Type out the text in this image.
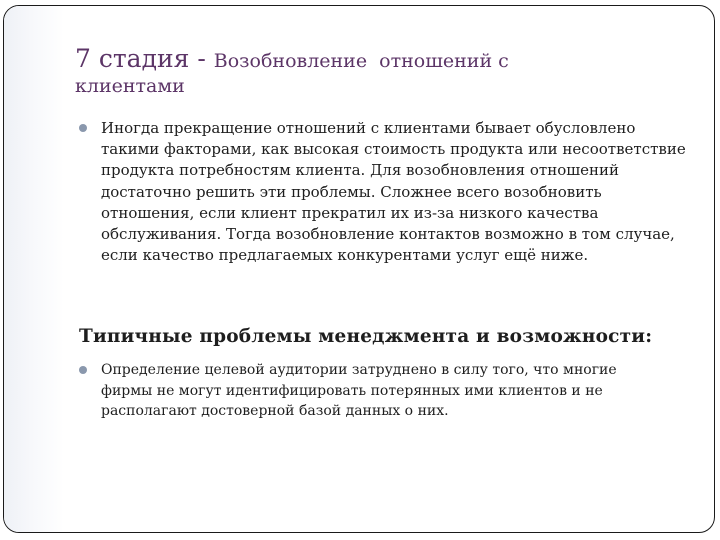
7 стадия - Возобновление  отношений с
клиентами
Иногда прекращение отношений с клиентами бывает обусловлено такими факторами, как высокая стоимость продукта или несоответствие продукта потребностям клиента. Для возобновления отношений достаточно решить эти проблемы. Сложнее всего возобновить отношения, если клиент прекратил их из-за низкого качества обслуживания. Тогда возобновление контактов возможно в том случае, если качество предлагаемых конкурентами услуг ещё ниже.
Типичные проблемы менеджмента и возможности:
Определение целевой аудитории затруднено в силу того, что многие фирмы не могут идентифицировать потерянных ими клиентов и не располагают достоверной базой данных о них.
